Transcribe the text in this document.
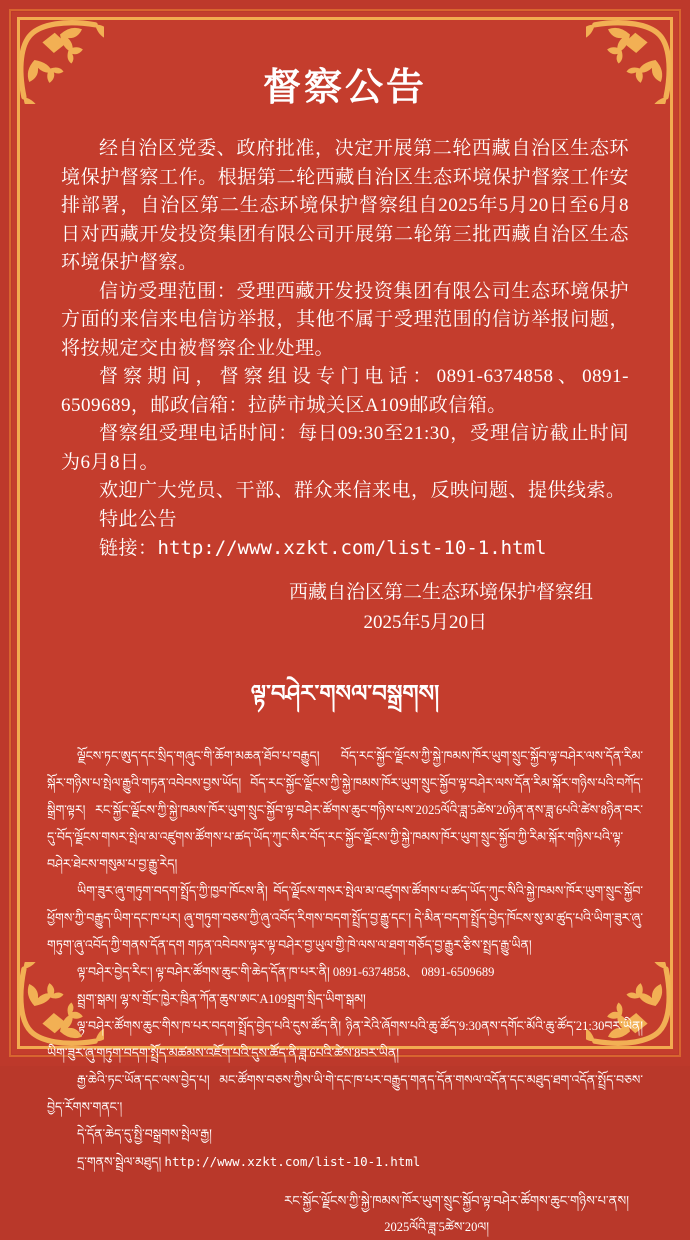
督察公告

经自治区党委、政府批准，决定开展第二轮西藏自治区生态环境保护督察工作。根据第二轮西藏自治区生态环境保护督察工作安排部署，自治区第二生态环境保护督察组自2025年5月20日至6月8日对西藏开发投资集团有限公司开展第二轮第三批西藏自治区生态环境保护督察。

信访受理范围：受理西藏开发投资集团有限公司生态环境保护方面的来信来电信访举报，其他不属于受理范围的信访举报问题，将按规定交由被督察企业处理。

督察期间，督察组设专门电话：0891-6374858、0891-6509689，邮政信箱：拉萨市城关区A109邮政信箱。

督察组受理电话时间：每日09:30至21:30，受理信访截止时间为6月8日。

欢迎广大党员、干部、群众来信来电，反映问题、提供线索。

特此公告

链接：http://www.xzkt.com/list-10-1.html

西藏自治区第二生态环境保护督察组
2025年5月20日
ལྟ་བཤེར་གསལ་བསྒྲགས།

ལྗོངས་ཏང་ཨུད་དང་སྲིད་གཞུང་གི་ཆོག་མཆན་ཐོབ་པ་བརྒྱུད། བོད་རང་སྐྱོང་ལྗོངས་ཀྱི་སྐྱེ་ཁམས་ཁོར་ཡུག་སྲུང་སྐྱོབ་ལྟ་བཤེར་ལས་དོན་རིམ་སྐོར་གཉིས་པ་སྤེལ་རྒྱུའི་གཏན་འབེབས་བྱས་ཡོད། བོད་རང་སྐྱོང་ལྗོངས་ཀྱི་སྐྱེ་ཁམས་ཁོར་ཡུག་སྲུང་སྐྱོབ་ལྟ་བཤེར་ལས་དོན་རིམ་སྐོར་གཉིས་པའི་བཀོད་སྒྲིག་ལྟར། རང་སྐྱོང་ལྗོངས་ཀྱི་སྐྱེ་ཁམས་ཁོར་ཡུག་སྲུང་སྐྱོབ་ལྟ་བཤེར་ཚོགས་ཆུང་གཉིས་པས་2025ལོའི་ཟླ་5ཚེས་20ཉིན་ནས་ཟླ་6པའི་ཚེས་8ཉིན་བར་དུ་བོད་ལྗོངས་གསར་སྤེལ་མ་འཛུགས་ཚོགས་པ་ཚད་ཡོད་ཀུང་སིར་བོད་རང་སྐྱོང་ལྗོངས་ཀྱི་སྐྱེ་ཁམས་ཁོར་ཡུག་སྲུང་སྐྱོབ་ཀྱི་རིམ་སྐོར་གཉིས་པའི་ལྟ་བཤེར་ཐེངས་གསུམ་པ་བྱ་རྒྱུ་རེད།

ཡིག་ཟུར་ཞུ་གཏུག་བདག་སྤྲོད་ཀྱི་ཁྱབ་ཁོངས་ནི། བོད་ལྗོངས་གསར་སྤེལ་མ་འཛུགས་ཚོགས་པ་ཚད་ཡོད་ཀུང་སིའི་སྐྱེ་ཁམས་ཁོར་ཡུག་སྲུང་སྐྱོབ་ཕྱོགས་ཀྱི་བརྒྱུད་ཡིག་དང་ཁ་པར། ཞུ་གཏུག་བཅས་ཀྱི་ཞུ་འབོད་རིགས་བདག་སྤྲོད་བྱ་རྒྱུ་དང་། དེ་མིན་བདག་སྤྲོད་བྱེད་ཁོངས་སུ་མ་ཚུད་པའི་ཡིག་ཟུར་ཞུ་གཏུག་ཞུ་འབོད་ཀྱི་གནས་དོན་དག གཏན་འབེབས་ལྟར་ལྟ་བཤེར་བྱ་ཡུལ་གྱི་ཁེ་ལས་ལ་ཐག་གཅོད་བྱ་རྒྱུར་རྩིས་སྤྲད་རྒྱུ་ཡིན།

ལྟ་བཤེར་བྱེད་རིང་། ལྟ་བཤེར་ཚོགས་ཆུང་གི་ཆེད་དོན་ཁ་པར་ནི། 0891-6374858、 0891-6509689

སྦྲག་སྒམ། ལྷ་ས་གྲོང་ཁྱེར་ཁྲིན་ཀོན་ཆུས་ཨང་A109སྦྲག་སྲིད་ཡིག་སྒམ།

ལྟ་བཤེར་ཚོགས་ཆུང་གིས་ཁ་པར་བདག་སྤྲོད་བྱེད་པའི་དུས་ཚོད་ནི། ཉིན་རེའི་ཞོགས་པའི་ཆུ་ཚོད་9:30ནས་དགོང་མོའི་ཆུ་ཚོད་21:30བར་ཡིན། ཡིག་ཟུར་ཞུ་གཏུག་བདག་སྤྲོད་མཚམས་འཇོག་པའི་དུས་ཚོད་ནི་ཟླ་6པའི་ཚེས་8བར་ཡིན།

རྒྱ་ཆེའི་ཏང་ཡོན་དང་ལས་བྱེད་པ། མང་ཚོགས་བཅས་ཀྱིས་ཡི་གེ་དང་ཁ་པར་བརྒྱུད་གནད་དོན་གསལ་འདོན་དང་མཐུད་ཐག་འདོན་སྤྲོད་བཅས་བྱེད་རོགས་གནང་།

དེ་དོན་ཆེད་དུ་སྤྱི་བསྒྲགས་སྤེལ་རྒྱ།

དྲ་གནས་སྦྲེལ་མཐུད། http://www.xzkt.com/list-10-1.html

རང་སྐྱོང་ལྗོངས་ཀྱི་སྐྱེ་ཁམས་ཁོར་ཡུག་སྲུང་སྐྱོབ་ལྟ་བཤེར་ཚོགས་ཆུང་གཉིས་པ་ནས།
2025ལོའི་ཟླ་5ཚེས་20ལ།
